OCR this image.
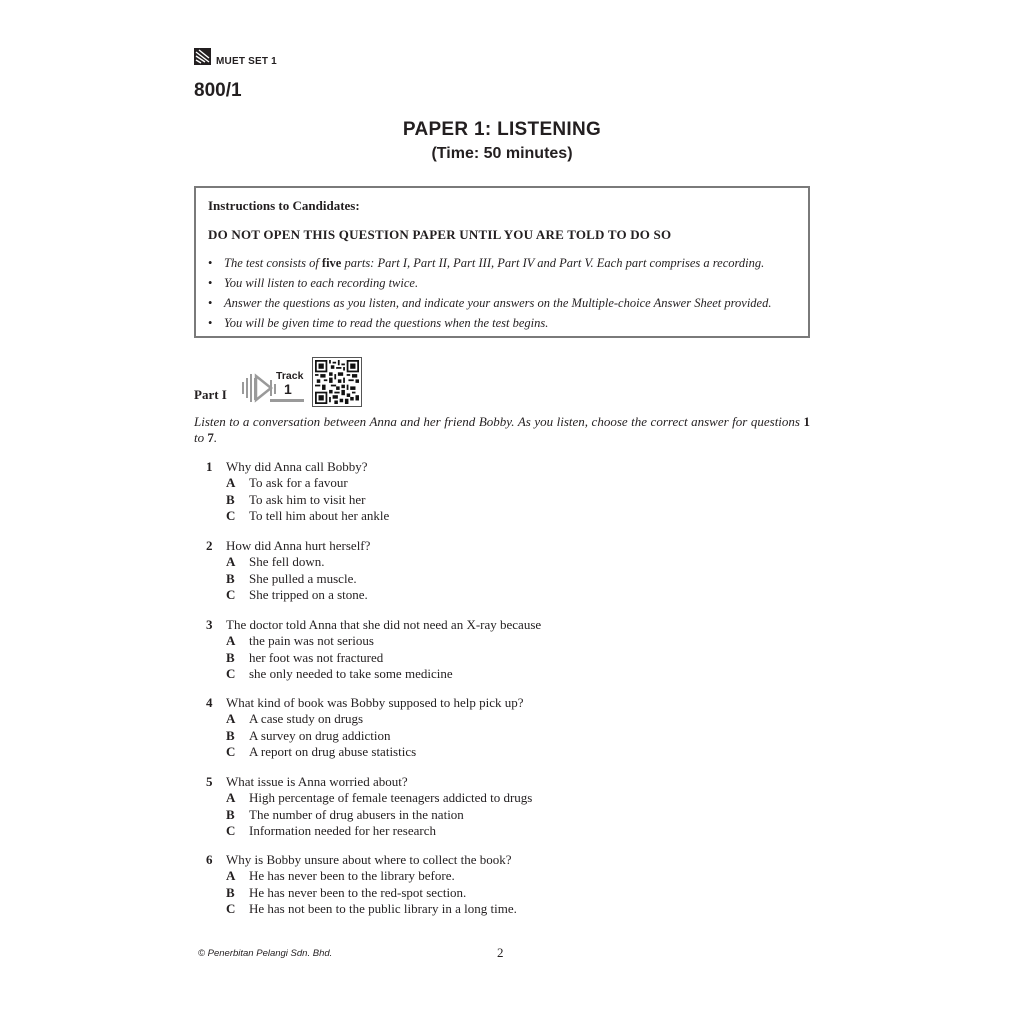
MUET SET 1
800/1
PAPER 1: LISTENING
(Time: 50 minutes)
Instructions to Candidates:
DO NOT OPEN THIS QUESTION PAPER UNTIL YOU ARE TOLD TO DO SO
• The test consists of five parts: Part I, Part II, Part III, Part IV and Part V. Each part comprises a recording.
• You will listen to each recording twice.
• Answer the questions as you listen, and indicate your answers on the Multiple-choice Answer Sheet provided.
• You will be given time to read the questions when the test begins.
Part I
Track
1
Listen to a conversation between Anna and her friend Bobby. As you listen, choose the correct answer for questions 1 to 7.
1	Why did Anna call Bobby?
A	To ask for a favour
B	To ask him to visit her
C	To tell him about her ankle
2	How did Anna hurt herself?
A	She fell down.
B	She pulled a muscle.
C	She tripped on a stone.
3	The doctor told Anna that she did not need an X-ray because
A	the pain was not serious
B	her foot was not fractured
C	she only needed to take some medicine
4	What kind of book was Bobby supposed to help pick up?
A	A case study on drugs
B	A survey on drug addiction
C	A report on drug abuse statistics
5	What issue is Anna worried about?
A	High percentage of female teenagers addicted to drugs
B	The number of drug abusers in the nation
C	Information needed for her research
6	Why is Bobby unsure about where to collect the book?
A	He has never been to the library before.
B	He has never been to the red-spot section.
C	He has not been to the public library in a long time.
© Penerbitan Pelangi Sdn. Bhd.	2
